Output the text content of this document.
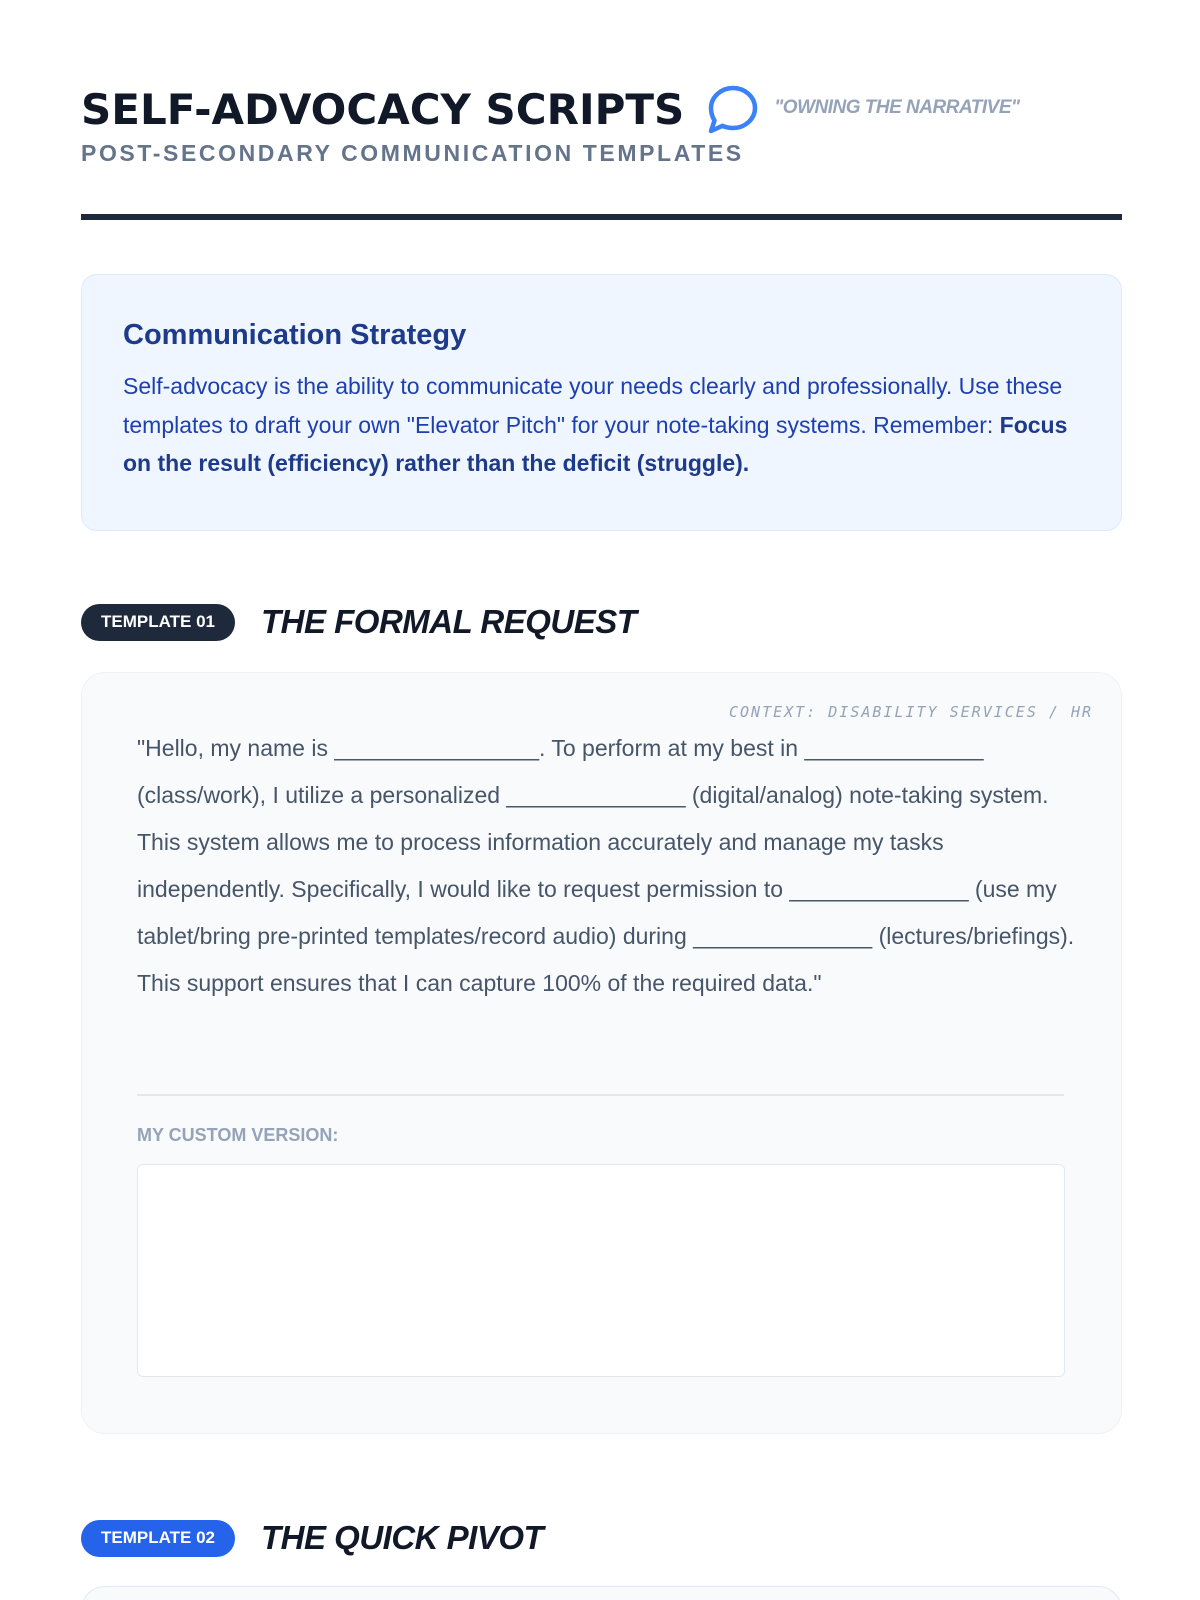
SELF-ADVOCACY SCRIPTS	"OWNING THE NARRATIVE"
POST-SECONDARY COMMUNICATION TEMPLATES
Communication Strategy
Self-advocacy is the ability to communicate your needs clearly and professionally. Use these templates to draft your own "Elevator Pitch" for your note-taking systems. Remember: Focus on the result (efficiency) rather than the deficit (struggle).
TEMPLATE 01	THE FORMAL REQUEST
CONTEXT: DISABILITY SERVICES / HR
"Hello, my name is ________________. To perform at my best in ______________ (class/work), I utilize a personalized ______________ (digital/analog) note-taking system. This system allows me to process information accurately and manage my tasks independently. Specifically, I would like to request permission to ______________ (use my tablet/bring pre-printed templates/record audio) during ______________ (lectures/briefings). This support ensures that I can capture 100% of the required data."
MY CUSTOM VERSION:
TEMPLATE 02	THE QUICK PIVOT
